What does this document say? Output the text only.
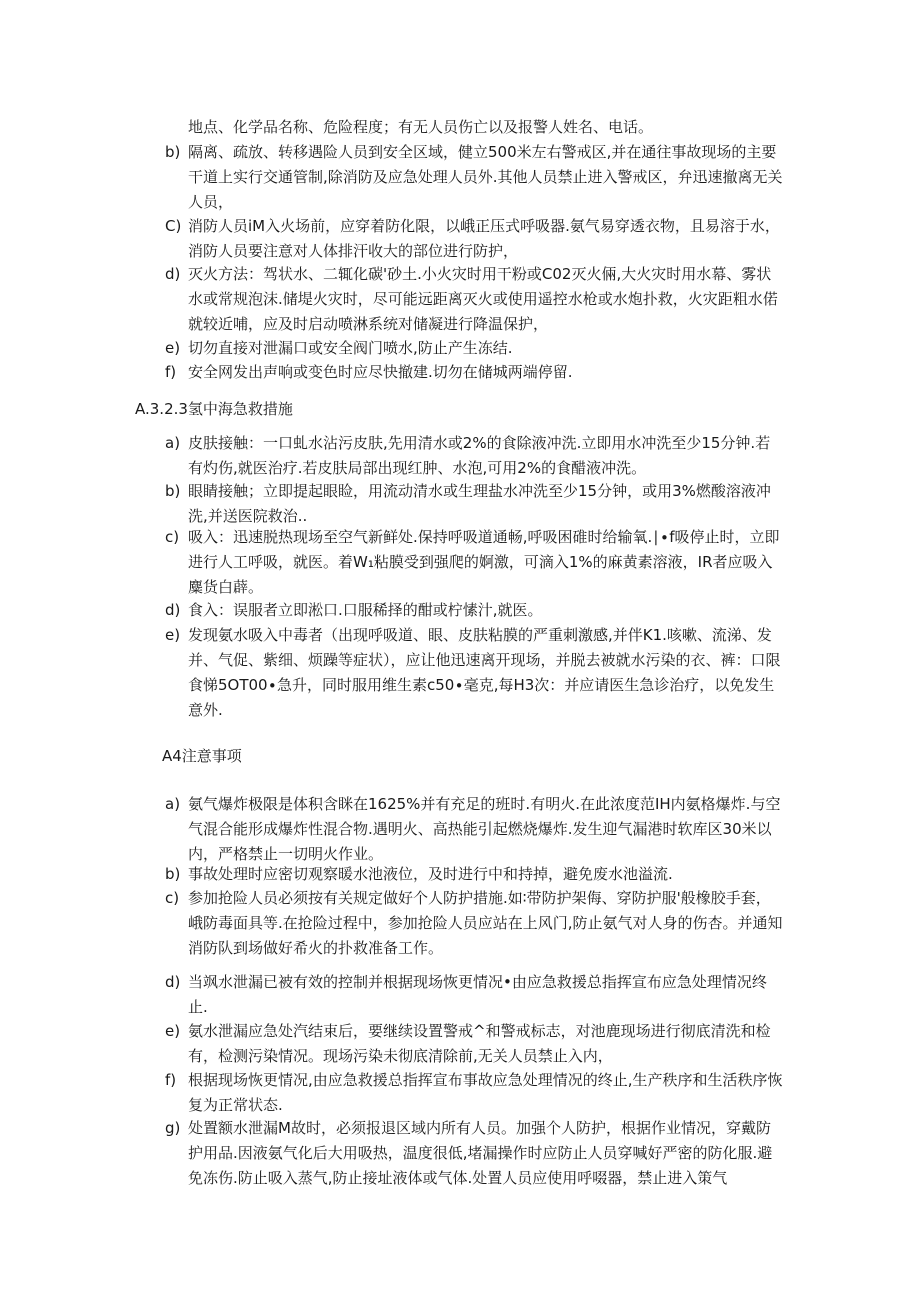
地点、化学品名称、危险程度；有无人员伤亡以及报警人姓名、电话。
b) 隔离、疏放、转移遇险人员到安全区域，健立500米左右警戒区,并在通往事故现场的主要干道上实行交通管制,除消防及应急处理人员外.其他人员禁止进入警戒区，弁迅速撤离无关人员，
C) 消防人员iM入火场前，应穿着防化限，以峨正压式呼吸器.氨气易穿透衣物，且易溶于水，消防人员要注意对人体排汗收大的部位进行防护，
d) 灭火方法：驾状水、二辄化碳'砂土.小火灾时用干粉或C02灭火倆,大火灾时用水幕、雾状水或常规泡沫.储堤火灾时，尽可能远距离灭火或使用遥控水枪或水炮扑救，火灾距粗水偌就较近哺，应及时启动喷淋系统对储凝进行降温保护，
e) 切勿直接对泄漏口或安全阀门喷水,防止产生冻结.
f) 安全网发出声响或变色时应尽快撤建.切勿在储城两端停留.
A.3.2.3氢中海急救措施
a) 皮肤接触：一口虬水沾污皮肤,先用清水或2%的食除液冲洗.立即用水冲洗至少15分钟.若有灼伤,就医治疗.若皮肤局部出现红肿、水泡,可用2%的食醋液冲洗。
b) 眼睛接触；立即提起眼睑，用流动清水或生理盐水冲洗至少15分钟，或用3%燃酸溶液冲洗,并送医院救治..
c) 吸入：迅速脱热现场至空气新鲜处.保持呼吸道通畅,呼吸困碓时给输氧.∣∙f吸停止时，立即进行人工呼吸，就医。着W₁粘膜受到强爬的婀激，可滴入1%的麻黄素溶液，IR者应吸入麋货白薜。
d) 食入：误服者立即淞口.口服稀择的酣或柠愫汁,就医。
e) 发现氨水吸入中毒者（出现呼吸道、眼、皮肤粘膜的严重刺激感,并伴K1.咳嗽、流涕、发并、气促、紫细、烦躁等症状），应让他迅速离开现场，并脱去被就水污染的衣、裤：口限食悌5OT00∙急升，同时服用维生素c50∙毫克,每H3次：并应请医生急诊治疗，以免发生意外.
A4注意事项
a) 氨气爆炸极限是体积含眯在1625%并有充足的班时.有明火.在此浓度范IH内氨格爆炸.与空气混合能形成爆炸性混合物.遇明火、高热能引起燃烧爆炸.发生迎气漏港时软库区30米以内，严格禁止一切明火作业。
b) 事故处理时应密切观察暖水池液位，及时进行中和持掉，避免废水池溢流.
c) 参加抢险人员必须按有关规定做好个人防护措施.如∶带防护架侮、穿防护服'般橡胶手套，峨防毒面具等.在抢险过程中，参加抢险人员应站在上风门,防止氨气对人身的伤杏。并通知消防队到场做好希火的扑救准备工作。
d) 当飒水泄漏已被有效的控制并根据现场恢更情况•由应急救援总指挥宣布应急处理情况终止.
e) 氨水泄漏应急处汽结束后，要继续设置警戒^和警戒标志，对池鹿现场进行彻底清洗和检有，检测污染情况。现场污染未彻底清除前,无关人员禁止入内，
f) 根据现场恢更情况,由应急救援总指挥宣布事故应急处理情况的终止,生产秩序和生活秩序恢复为正常状态.
g) 处置额水泄漏M故时，必须报退区域内所有人员。加强个人防护，根据作业情况，穿戴防护用品.因液氨气化后大用吸热，温度很低,堵漏操作时应防止人员穿喊好严密的防化服.避免冻伤.防止吸入蒸气,防止接址液体或气体.处置人员应使用呼啜器，禁止进入策气
